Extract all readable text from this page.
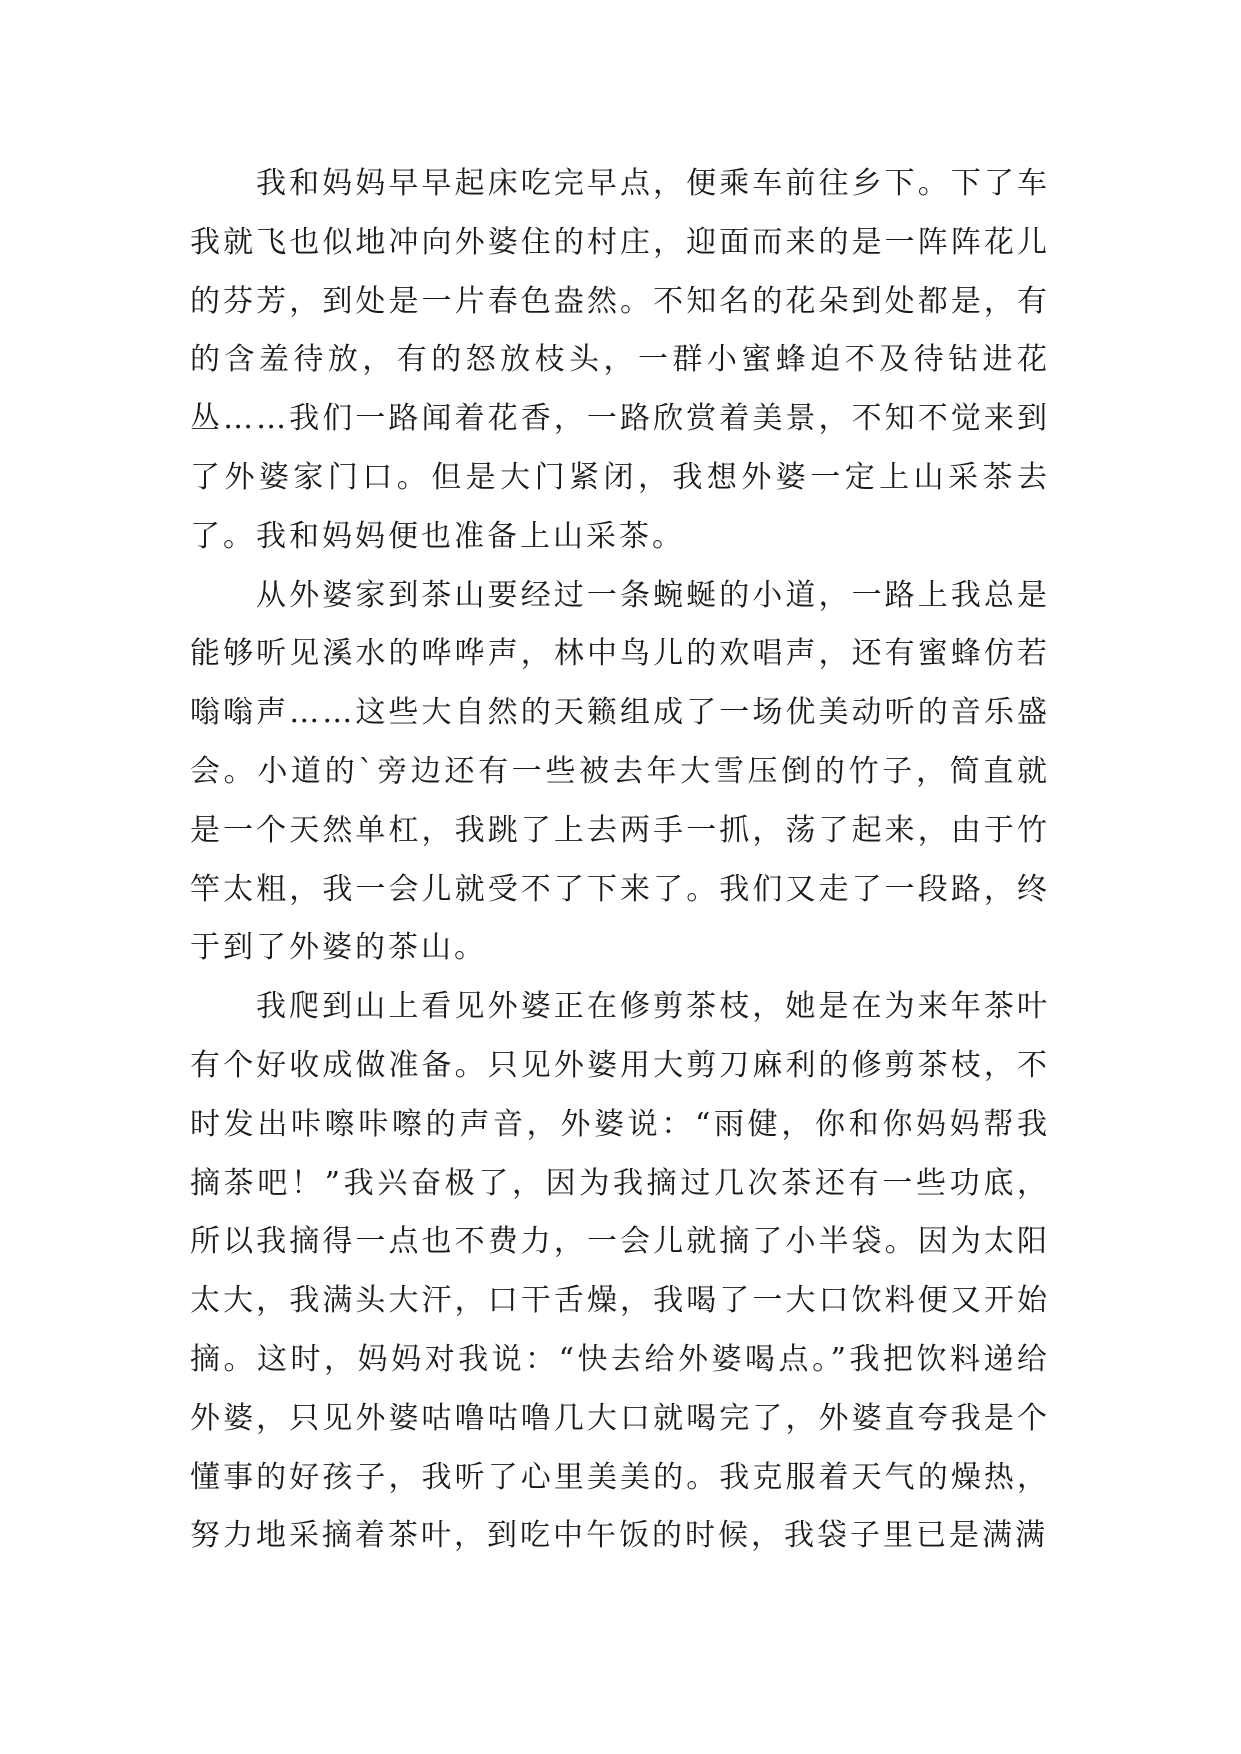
我和妈妈早早起床吃完早点，便乘车前往乡下。下了车我就飞也似地冲向外婆住的村庄，迎面而来的是一阵阵花儿的芬芳，到处是一片春色盎然。不知名的花朵到处都是，有的含羞待放，有的怒放枝头，一群小蜜蜂迫不及待钻进花丛……我们一路闻着花香，一路欣赏着美景，不知不觉来到了外婆家门口。但是大门紧闭，我想外婆一定上山采茶去了。我和妈妈便也准备上山采茶。

从外婆家到茶山要经过一条蜿蜒的小道，一路上我总是能够听见溪水的哗哗声，林中鸟儿的欢唱声，还有蜜蜂仿若嗡嗡声……这些大自然的天籁组成了一场优美动听的音乐盛会。小道的`旁边还有一些被去年大雪压倒的竹子，简直就是一个天然单杠，我跳了上去两手一抓，荡了起来，由于竹竿太粗，我一会儿就受不了下来了。我们又走了一段路，终于到了外婆的茶山。

我爬到山上看见外婆正在修剪茶枝，她是在为来年茶叶有个好收成做准备。只见外婆用大剪刀麻利的修剪茶枝，不时发出咔嚓咔嚓的声音，外婆说：“雨健，你和你妈妈帮我摘茶吧！”我兴奋极了，因为我摘过几次茶还有一些功底，所以我摘得一点也不费力，一会儿就摘了小半袋。因为太阳太大，我满头大汗，口干舌燥，我喝了一大口饮料便又开始摘。这时，妈妈对我说：“快去给外婆喝点。”我把饮料递给外婆，只见外婆咕噜咕噜几大口就喝完了，外婆直夸我是个懂事的好孩子，我听了心里美美的。我克服着天气的燥热，努力地采摘着茶叶，到吃中午饭的时候，我袋子里已是满满
